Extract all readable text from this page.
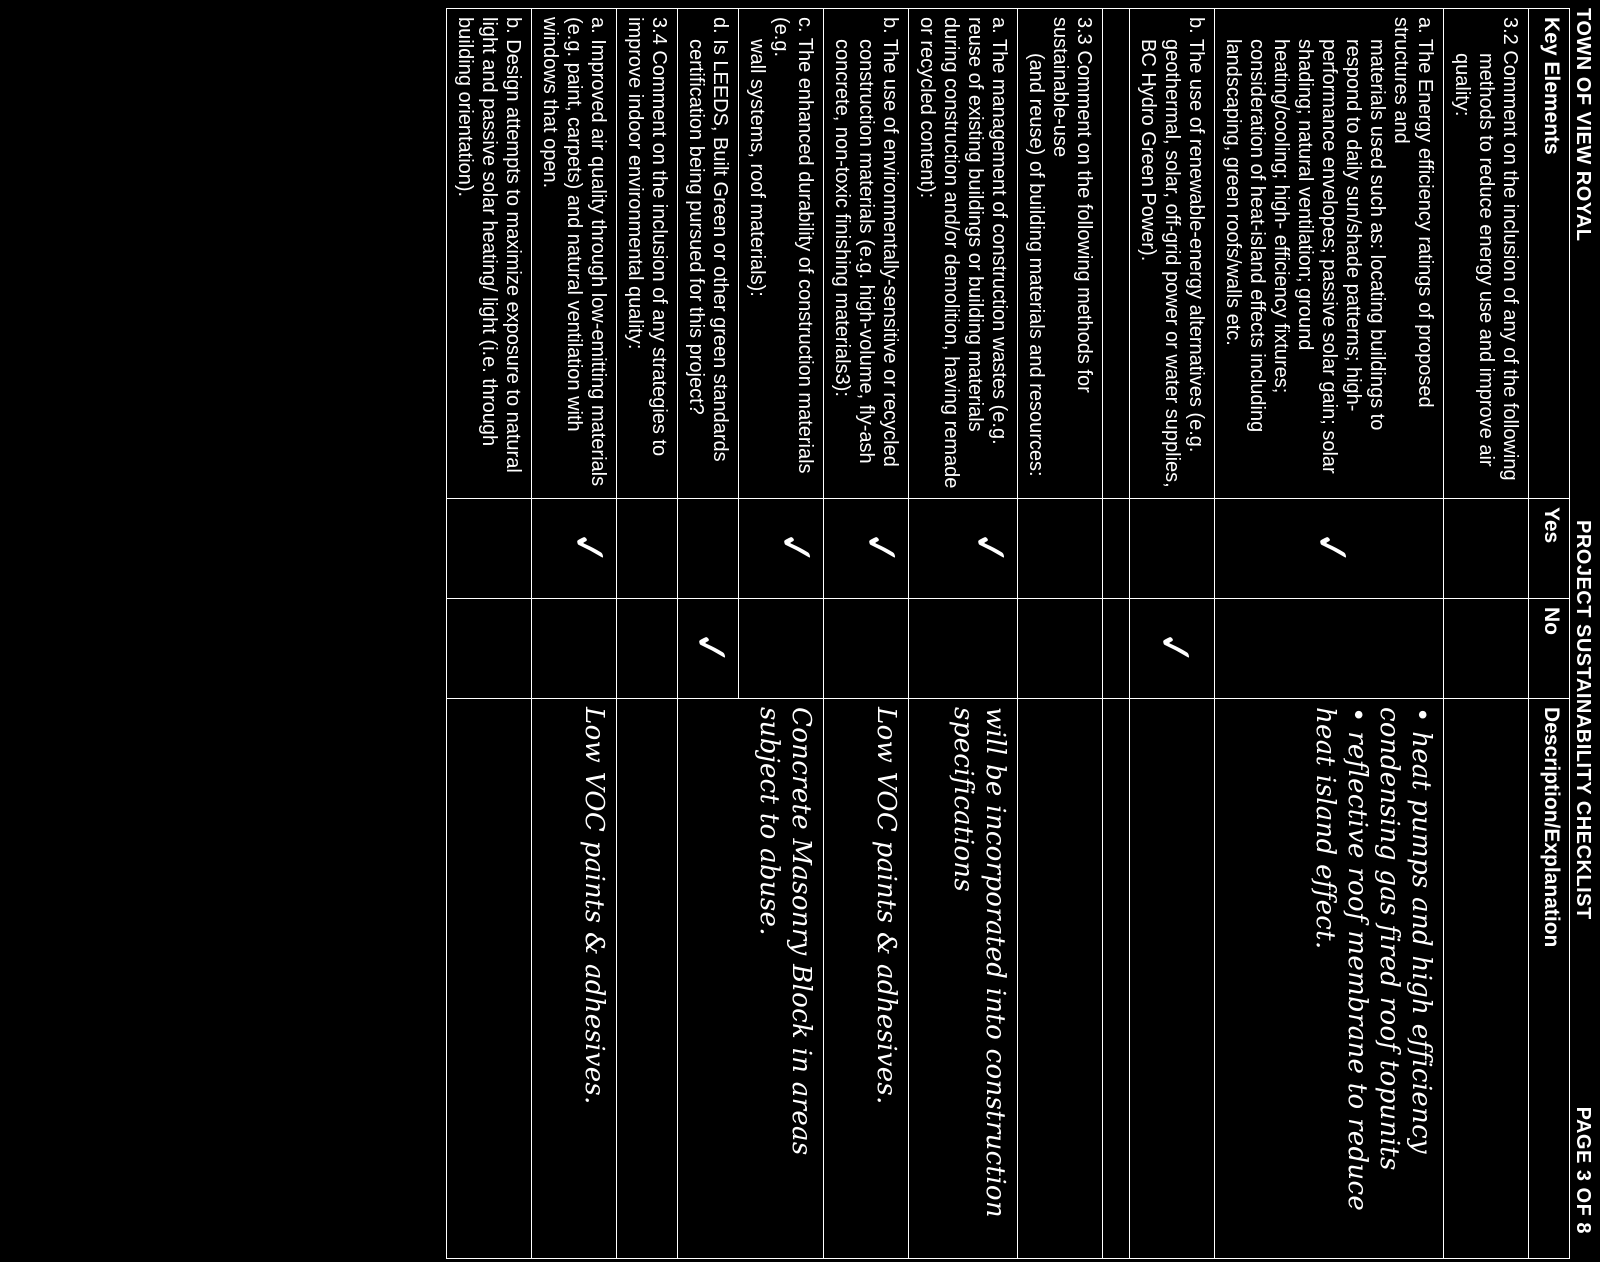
TOWN OF VIEW ROYAL
PROJECT SUSTAINABILITY CHECKLIST
PAGE 3 OF 8
Key Elements	Yes	No	Description/Explanation
3.2 Comment on the inclusion of any of the following
methods to reduce energy use and improve air quality:			

a. The Energy efficiency ratings of proposed structures and
materials used such as: locating buildings to respond to daily sun/shade patterns; high-performance envelopes; passive solar gain; solar shading; natural ventilation; ground heating/cooling; high- efficiency fixtures; consideration of heat-island effects including landscaping, green roofs/walls etc.	✓		• heat pumps and high efficiency condensing gas fired roof topunits
• reflective roof membrane to reduce heat island effect.

b. The use of renewable-energy alternatives (e.g.
geothermal, solar, off-grid power or water supplies, BC Hydro Green Power).		✓	

3.3 Comment on the following methods for sustainable-use
(and reuse) of building materials and resources:			

a. The management of construction wastes (e.g. reuse of existing buildings or building materials during construction and/or demolition, having remade or recycled content):	✓		will be incorporated into construction specifications

b. The use of environmentally-sensitive or recycled
construction materials (e.g. high-volume, fly-ash concrete, non-toxic finishing materials3):	✓		Low VOC paints & adhesives.

c. The enhanced durability of construction materials (e.g.
wall systems, roof materials):	✓		Concrete Masonry Block in areas subject to abuse.

d. Is LEEDS, Built Green or other green standards
certification being pursued for this project?		✓	

3.4 Comment on the inclusion of any strategies to improve indoor environmental quality:			
a. Improved air quality through low-emitting materials (e.g. paint, carpets) and natural ventilation with windows that open.	✓		Low VOC paints & adhesives.

b. Design attempts to maximize exposure to natural light and passive solar heating/ light (i.e. through building orientation).			
